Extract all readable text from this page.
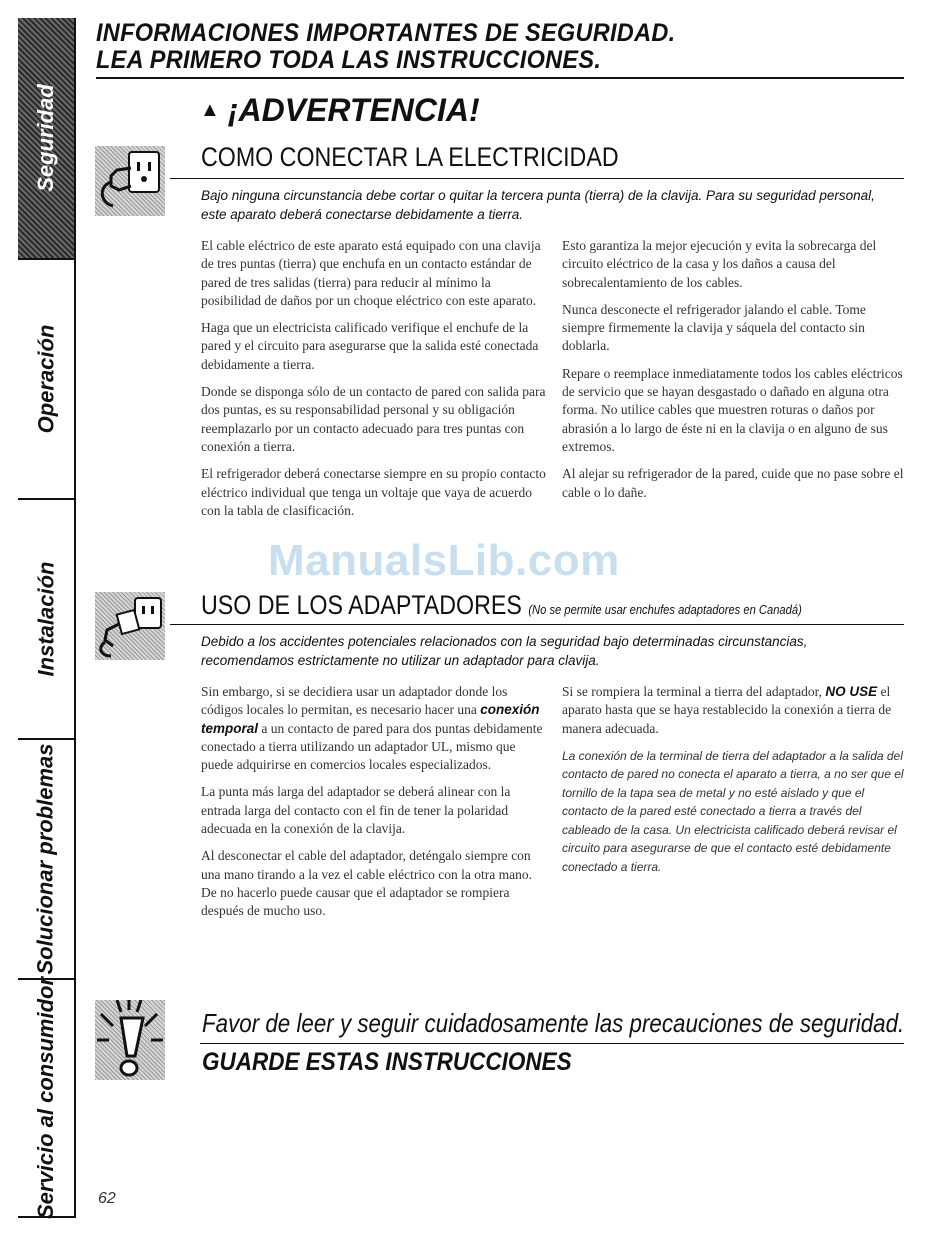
Seguridad
Operación
Instalación
Solucionar problemas
Servicio al consumidor
INFORMACIONES IMPORTANTES DE SEGURIDAD.
LEA PRIMERO TODA LAS INSTRUCCIONES.
▲ ¡ADVERTENCIA!
COMO CONECTAR LA ELECTRICIDAD
Bajo ninguna circunstancia debe cortar o quitar la tercera punta (tierra) de la clavija. Para su seguridad personal, este aparato deberá conectarse debidamente a tierra.

El cable eléctrico de este aparato está equipado con una clavija de tres puntas (tierra) que enchufa en un contacto estándar de pared de tres salidas (tierra) para reducir al mínimo la posibilidad de daños por un choque eléctrico con este aparato.

Haga que un electricista calificado verifique el enchufe de la pared y el circuito para asegurarse que la salida esté conectada debidamente a tierra.

Donde se disponga sólo de un contacto de pared con salida para dos puntas, es su responsabilidad personal y su obligación reemplazarlo por un contacto adecuado para tres puntas con conexión a tierra.

El refrigerador deberá conectarse siempre en su propio contacto eléctrico individual que tenga un voltaje que vaya de acuerdo con la tabla de clasificación.

Esto garantiza la mejor ejecución y evita la sobrecarga del circuito eléctrico de la casa y los daños a causa del sobrecalentamiento de los cables.

Nunca desconecte el refrigerador jalando el cable. Tome siempre firmemente la clavija y sáquela del contacto sin doblarla.

Repare o reemplace inmediatamente todos los cables eléctricos de servicio que se hayan desgastado o dañado en alguna otra forma. No utilice cables que muestren roturas o daños por abrasión a lo largo de éste ni en la clavija o en alguno de sus extremos.

Al alejar su refrigerador de la pared, cuide que no pase sobre el cable o lo dañe.

ManualsLib.com
USO DE LOS ADAPTADORES (No se permite usar enchufes adaptadores en Canadá)
Debido a los accidentes potenciales relacionados con la seguridad bajo determinadas circunstancias, recomendamos estrictamente no utilizar un adaptador para clavija.

Sin embargo, si se decidiera usar un adaptador donde los códigos locales lo permitan, es necesario hacer una conexión temporal a un contacto de pared para dos puntas debidamente conectado a tierra utilizando un adaptador UL, mismo que puede adquirirse en comercios locales especializados.

La punta más larga del adaptador se deberá alinear con la entrada larga del contacto con el fin de tener la polaridad adecuada en la conexión de la clavija.

Al desconectar el cable del adaptador, deténgalo siempre con una mano tirando a la vez el cable eléctrico con la otra mano. De no hacerlo puede causar que el adaptador se rompiera después de mucho uso.

Si se rompiera la terminal a tierra del adaptador, NO USE el aparato hasta que se haya restablecido la conexión a tierra de manera adecuada.

La conexión de la terminal de tierra del adaptador a la salida del contacto de pared no conecta el aparato a tierra, a no ser que el tornillo de la tapa sea de metal y no esté aislado y que el contacto de la pared esté conectado a tierra a través del cableado de la casa. Un electricista calificado deberá revisar el circuito para asegurarse de que el contacto esté debidamente conectado a tierra.

Favor de leer y seguir cuidadosamente las precauciones de seguridad.
GUARDE ESTAS INSTRUCCIONES
62
